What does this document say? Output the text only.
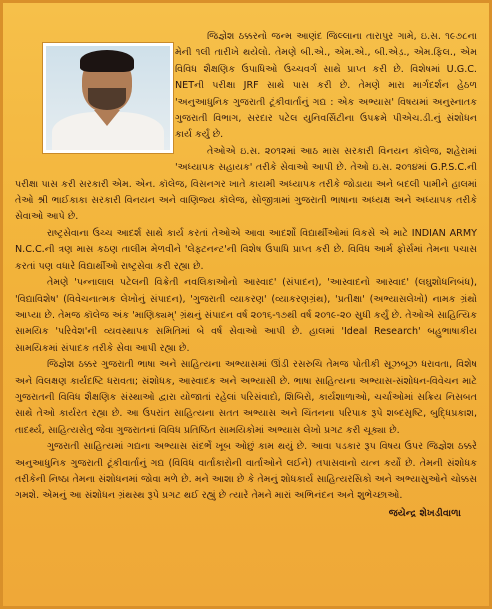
જિજ્ઞેશ ઠક્કરનો જન્મ આણંદ જિલ્લાના તારાપુર ગામે, ઇ.સ. ૧૯૭૮ના મેની ૧લી તારીખે થયેલો. તેમણે બી.એ., એમ.એ., બી.એડ઼., એમ.ફિલ., એમ વિવિધ શૈક્ષણિક ઉપાધિઓ ઉચ્ચવર્ગ સાથે પ્રાપ્ત કરી છે. વિશેષમાં U.G.C. NETની પરીક્ષા JRF સાથે પાસ કરી છે. તેમણે મારા માર્ગદર્શન હેઠળ 'અનુઆધુનિક ગુજરાતી ટૂંકીવાર્તાનું ગદ્ય : એક અભ્યાસ' વિષયમાં અનુસ્નાતક ગુજરાતી વિભાગ, સરદાર પટેલ યુનિવર્સિટીના ઉપક્રમે પીએચ.ડી.નું સંશોધન કાર્ય કર્યું છે.

તેઓએ ઇ.સ. ૨૦૧૨માં આઠ માસ સરકારી વિનયન કૉલેજ, શહેરામાં 'અધ્યાપક સહાયક' તરીકે સેવાઓ આપી છે. તેઓ ઇ.સ. ૨૦૧૪માં G.P.S.C.ની પરીક્ષા પાસ કરી સરકારી એમ. એન. કૉલેજ, વિસનગર ખાતે કાયમી અધ્યાપક તરીકે જોડાયા અને બદલી પામીને હાલમાં તેઓ શ્રી ભાઈકાકા સરકારી વિનયન અને વાણિજ્ય કૉલેજ, સોજીત્રામાં ગુજરાતી ભાષાના અધ્યક્ષ અને અધ્યાપક તરીકે સેવાઓ આપે છે.

રાષ્ટ્રસેવાના ઉચ્ચ આદર્શ સાથે કાર્ય કરતાં તેઓએ આવા આદર્શો વિદ્યાર્થીઓમાં વિકસે એ માટે INDIAN ARMY N.C.C.ની ત્રણ માસ કઠણ તાલીમ મેળવીને 'લેફ્ટનન્ટ'ની વિશેષ ઉપાધિ પ્રાપ્ત કરી છે. વિવિધ આર્મ ફોર્સમાં તેમના પચાસ કરતાં પણ વધારે વિદ્યાર્થીઓ રાષ્ટ્રસેવા કરી રહ્યા છે.

તેમણે 'પન્નાલાલ પટેલની વિક્રેતી નવલિકાઓનો આસ્વાદ' (સંપાદન), 'આસ્વાદનો આસ્વાદ' (લઘુશોધનિબંધ), 'વિદ્યાવિશેષ' (વિવેચનાત્મક લેખોનું સંપાદન), 'ગુજરાતી વ્યાકરણ' (વ્યાકરણગ્રંથ), 'પ્રતીક્ષા' (અભ્યાસલેખો) નામક ગ્રંથો આપ્યા છે. તેમજ કૉલેજ અંક 'માણિક્યમ્' ગ્રંથનું સંપાદન વર્ષ ૨૦૧૬-૧૭થી વર્ષ ૨૦૧૯-૨૦ સુધી કર્યું છે. તેઓએ સાહિત્યિક સામયિક 'પરિવેશ'ની વ્યવસ્થાપક સમિતિમાં બે વર્ષ સેવાઓ આપી છે. હાલમાં 'Ideal Research' બહુભાષાકીય સામયિકમાં સંપાદક તરીકે સેવા આપી રહ્યા છે.

જિજ્ઞેશ ઠક્કર ગુજરાતી ભાષા અને સાહિત્યના અભ્યાસમાં ઊંડી રસરુચિ તેમજ પોતીકી સૂઝબૂઝ ધરાવતા, વિશેષ અને વિલક્ષણ કાર્યદષ્ટિ ધરાવતા; સંશોધક, આસ્વાદક અને અભ્યાસી છે. ભાષા સાહિત્યના અભ્યાસ-સંશોધન-વિવેચન માટે ગુજરાતની વિવિધ શૈક્ષણિક સંસ્થાઓ દ્વારા યોજાતાં રહેલાં પરિસંવાદો, શિબિરો, કાર્યશાળાઓ, ચર્ચાઓમાં સક્રિય નિસબત સાથે તેઓ કાર્યરત રહ્યા છે. આ ઉપરાંત સાહિત્યના સતત અભ્યાસ અને ચિંતનના પરિપાક રૂપે શબ્દસૃષ્ટિ, બુદ્ધિપ્રકાશ, તાદર્થ્ય, સાહિત્યસેતુ જેવા ગુજરાતનાં વિવિધ પ્રતિષ્ઠિત સામયિકોમાં અભ્યાસ લેખો પ્રગટ કરી ચૂક્યા છે.

ગુજરાતી સાહિત્યમાં ગદ્યના અભ્યાસ સંદર્ભે ખૂબ ઓછું કામ થયું છે. આવા પડકાર રૂપ વિષય ઉપર જિજ્ઞેશ ઠક્કરે અનુઆધુનિક ગુજરાતી ટૂંકીવાર્તાનું ગદ્ય (વિવિધ વાર્તાકારોની વાર્તાઓને લઈને) તપાસવાનો યત્ન કર્યો છે. તેમની સંશોધક તરીકેની નિષ્ઠા તેમના સંશોધનમાં જોવા મળે છે. મને આશા છે કે તેમનું શોધકાર્ય સાહિત્યરસિકો અને અભ્યાસુઓને ચોક્કસ ગમશે. એમનું આ સંશોધન ગ્રંથસ્થ રૂપે પ્રગટ થઈ રહ્યું છે ત્યારે તેમને મારાં અભિનંદન અને શુભેચ્છાઓ.

જયેન્દ્ર શેખડીવાળા
